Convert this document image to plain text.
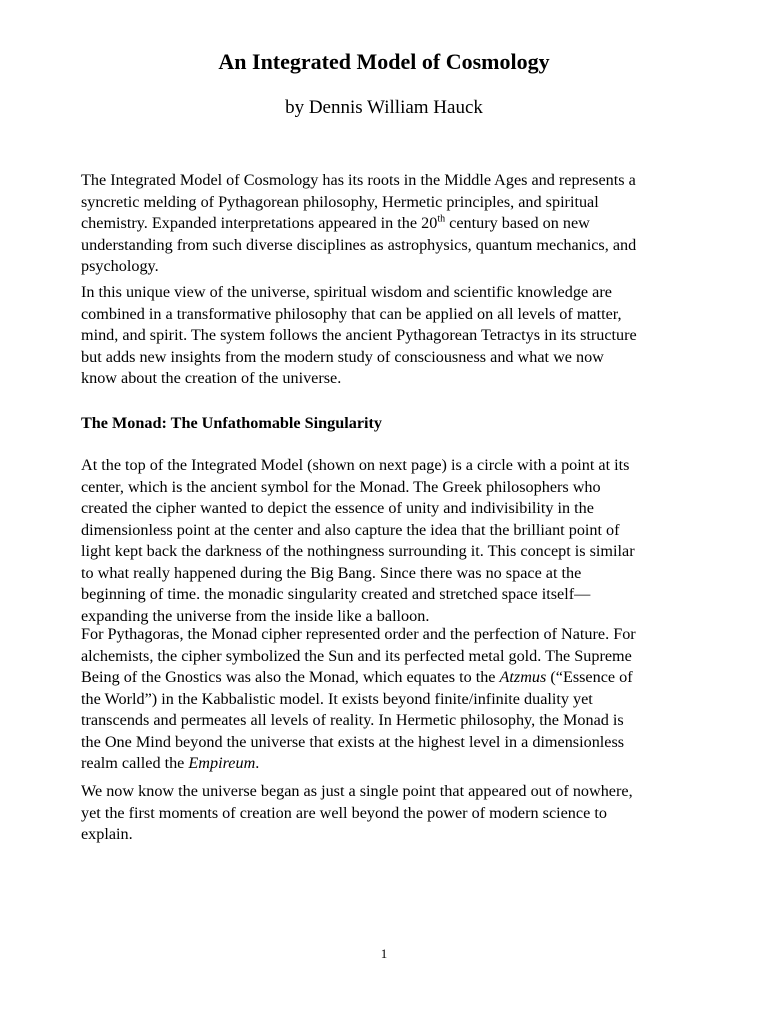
An Integrated Model of Cosmology

by Dennis William Hauck

The Integrated Model of Cosmology has its roots in the Middle Ages and represents a
syncretic melding of Pythagorean philosophy, Hermetic principles, and spiritual
chemistry. Expanded interpretations appeared in the 20th century based on new
understanding from such diverse disciplines as astrophysics, quantum mechanics, and
psychology.

In this unique view of the universe, spiritual wisdom and scientific knowledge are
combined in a transformative philosophy that can be applied on all levels of matter,
mind, and spirit. The system follows the ancient Pythagorean Tetractys in its structure
but adds new insights from the modern study of consciousness and what we now
know about the creation of the universe.

The Monad: The Unfathomable Singularity

At the top of the Integrated Model (shown on next page) is a circle with a point at its
center, which is the ancient symbol for the Monad. The Greek philosophers who
created the cipher wanted to depict the essence of unity and indivisibility in the
dimensionless point at the center and also capture the idea that the brilliant point of
light kept back the darkness of the nothingness surrounding it. This concept is similar
to what really happened during the Big Bang. Since there was no space at the
beginning of time. the monadic singularity created and stretched space itself—
expanding the universe from the inside like a balloon.

For Pythagoras, the Monad cipher represented order and the perfection of Nature. For
alchemists, the cipher symbolized the Sun and its perfected metal gold. The Supreme
Being of the Gnostics was also the Monad, which equates to the Atzmus (“Essence of
the World”) in the Kabbalistic model. It exists beyond finite/infinite duality yet
transcends and permeates all levels of reality. In Hermetic philosophy, the Monad is
the One Mind beyond the universe that exists at the highest level in a dimensionless
realm called the Empireum.

We now know the universe began as just a single point that appeared out of nowhere,
yet the first moments of creation are well beyond the power of modern science to
explain.

1
